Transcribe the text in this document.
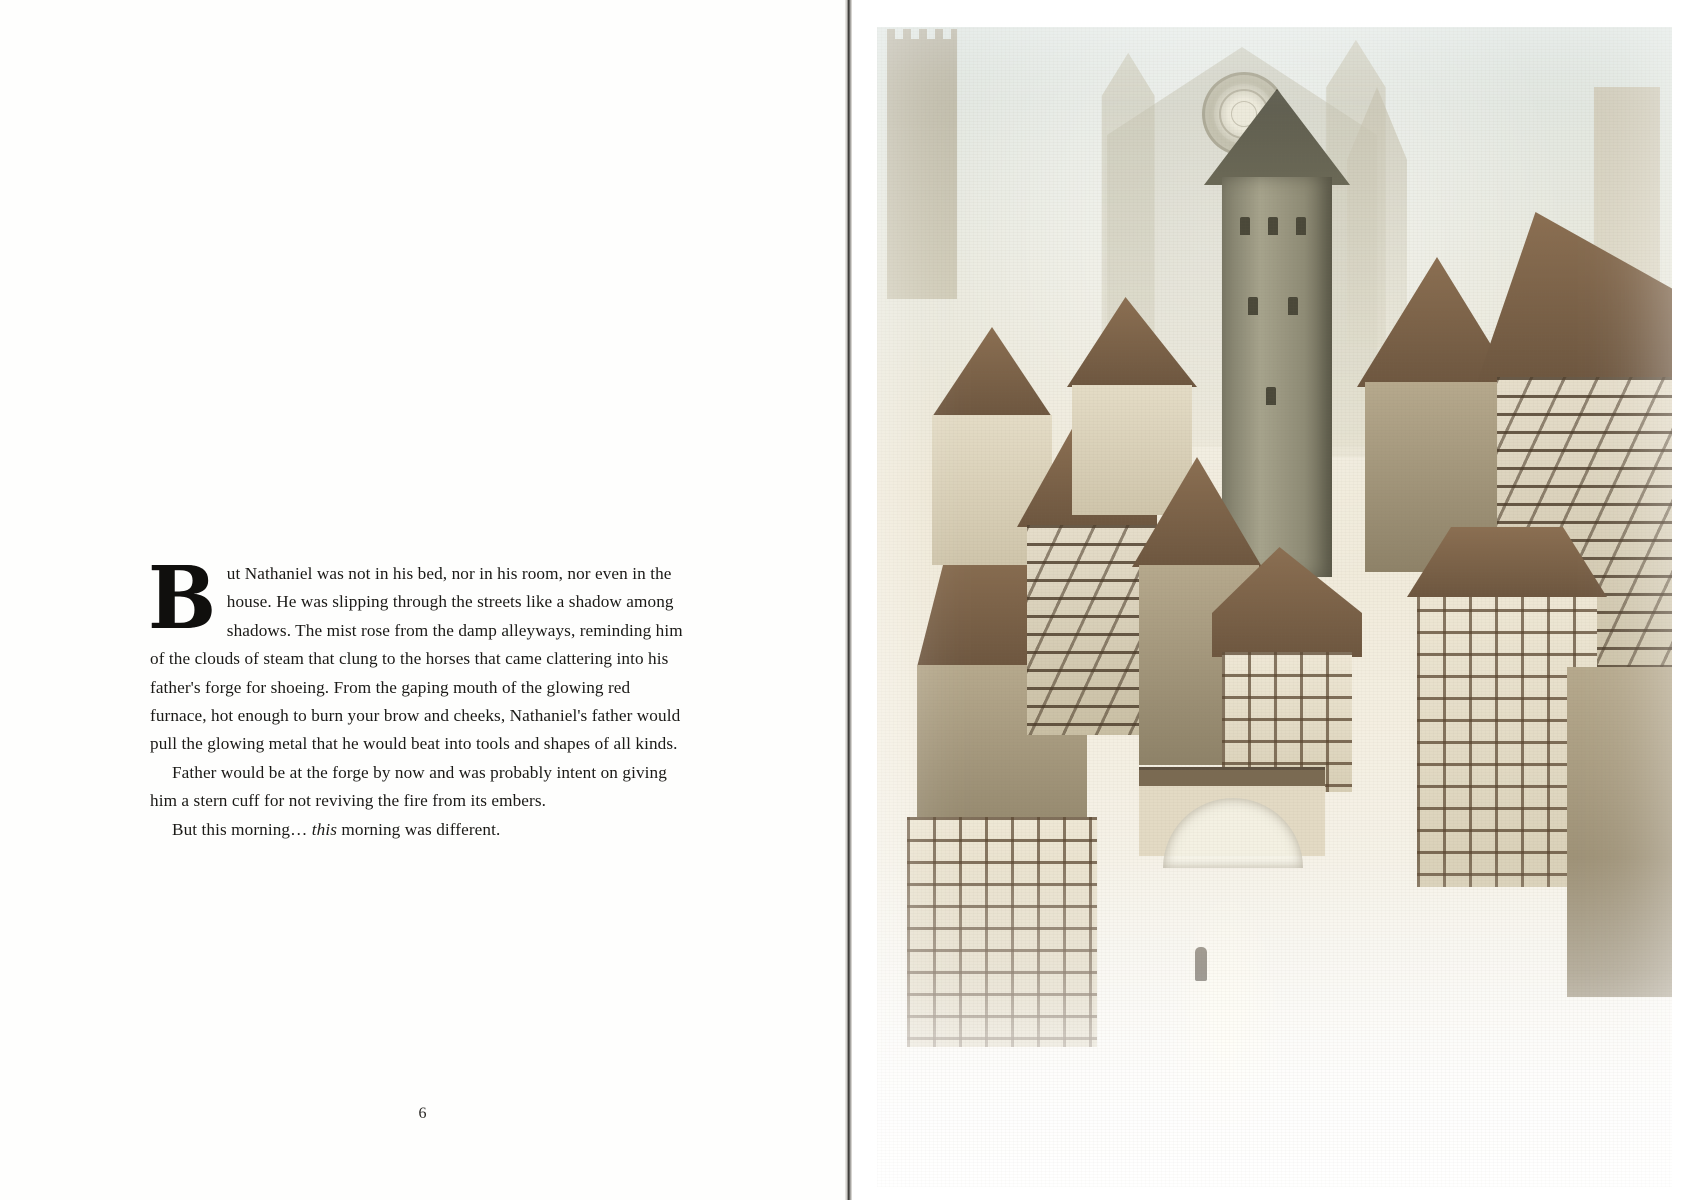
B ut Nathaniel was not in his bed, nor in his room, nor even in the house. He was slipping through the streets like a shadow among shadows. The mist rose from the damp alleyways, reminding him of the clouds of steam that clung to the horses that came clattering into his father's forge for shoeing. From the gaping mouth of the glowing red furnace, hot enough to burn your brow and cheeks, Nathaniel's father would pull the glowing metal that he would beat into tools and shapes of all kinds.

Father would be at the forge by now and was probably intent on giving him a stern cuff for not reviving the fire from its embers.

But this morning… this morning was different.

6
